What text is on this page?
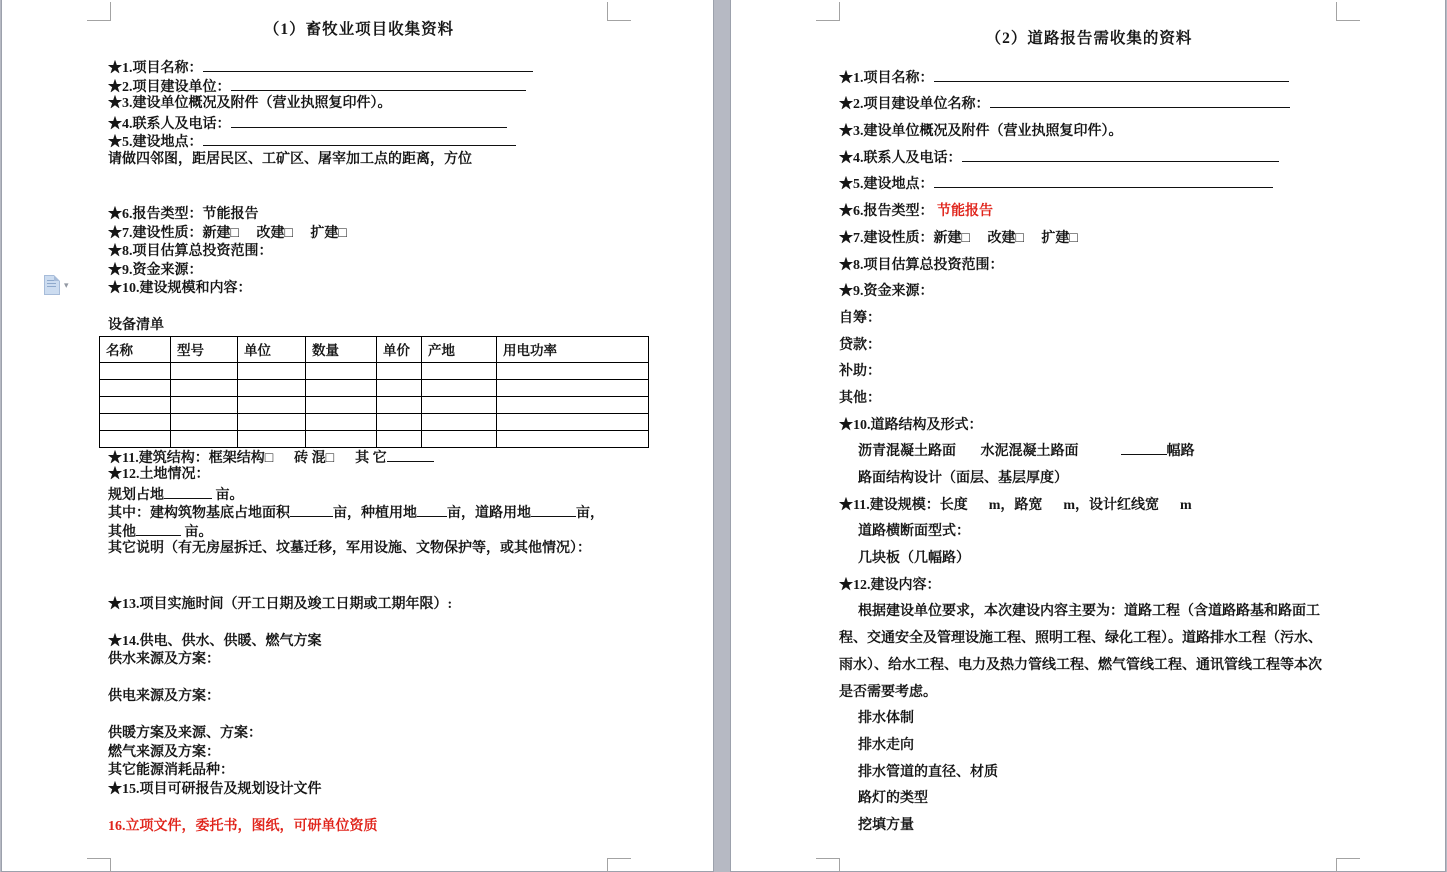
（1）畜牧业项目收集资料

★1.项目名称：
★2.项目建设单位：
★3.建设单位概况及附件（营业执照复印件）。
★4.联系人及电话：
★5.建设地点：
请做四邻图，距居民区、工矿区、屠宰加工点的距离，方位

★6.报告类型：节能报告
★7.建设性质：新建□     改建□     扩建□
★8.项目估算总投资范围：
★9.资金来源：
★10.建设规模和内容：

设备清单
名称	型号	单位	数量	单价	产地	用电功率

★11.建筑结构：框架结构□      砖 混□      其 它
★12.土地情况：
规划占地	亩。
其中：建构筑物基底占地面积	亩，种植用地 亩，道路用地	亩，
其他	亩。
其它说明（有无房屋拆迁、坟墓迁移，军用设施、文物保护等，或其他情况）：

★13.项目实施时间（开工日期及竣工日期或工期年限）:

★14.供电、供水、供暖、燃气方案
供水来源及方案：

供电来源及方案：

供暖方案及来源、方案：
燃气来源及方案：
其它能源消耗品种：
★15.项目可研报告及规划设计文件

16.立项文件，委托书，图纸，可研单位资质
（2）道路报告需收集的资料
★1.项目名称：
★2.项目建设单位名称：
★3.建设单位概况及附件（营业执照复印件）。
★4.联系人及电话：
★5.建设地点：
★6.报告类型： 节能报告
★7.建设性质：新建□     改建□     扩建□
★8.项目估算总投资范围：
★9.资金来源：
自筹：
贷款：
补助：
其他：
★10.道路结构及形式：
沥青混凝土路面       水泥混凝土路面	幅路
路面结构设计（面层、基层厚度）
★11.建设规模：长度      m，路宽      m，设计红线宽      m
道路横断面型式：
几块板（几幅路）
★12.建设内容：
根据建设单位要求，本次建设内容主要为：道路工程（含道路路基和路面工
程、交通安全及管理设施工程、照明工程、绿化工程）。道路排水工程（污水、
雨水）、给水工程、电力及热力管线工程、燃气管线工程、通讯管线工程等本次
是否需要考虑。
排水体制
排水走向
排水管道的直径、材质
路灯的类型
挖填方量
▾
